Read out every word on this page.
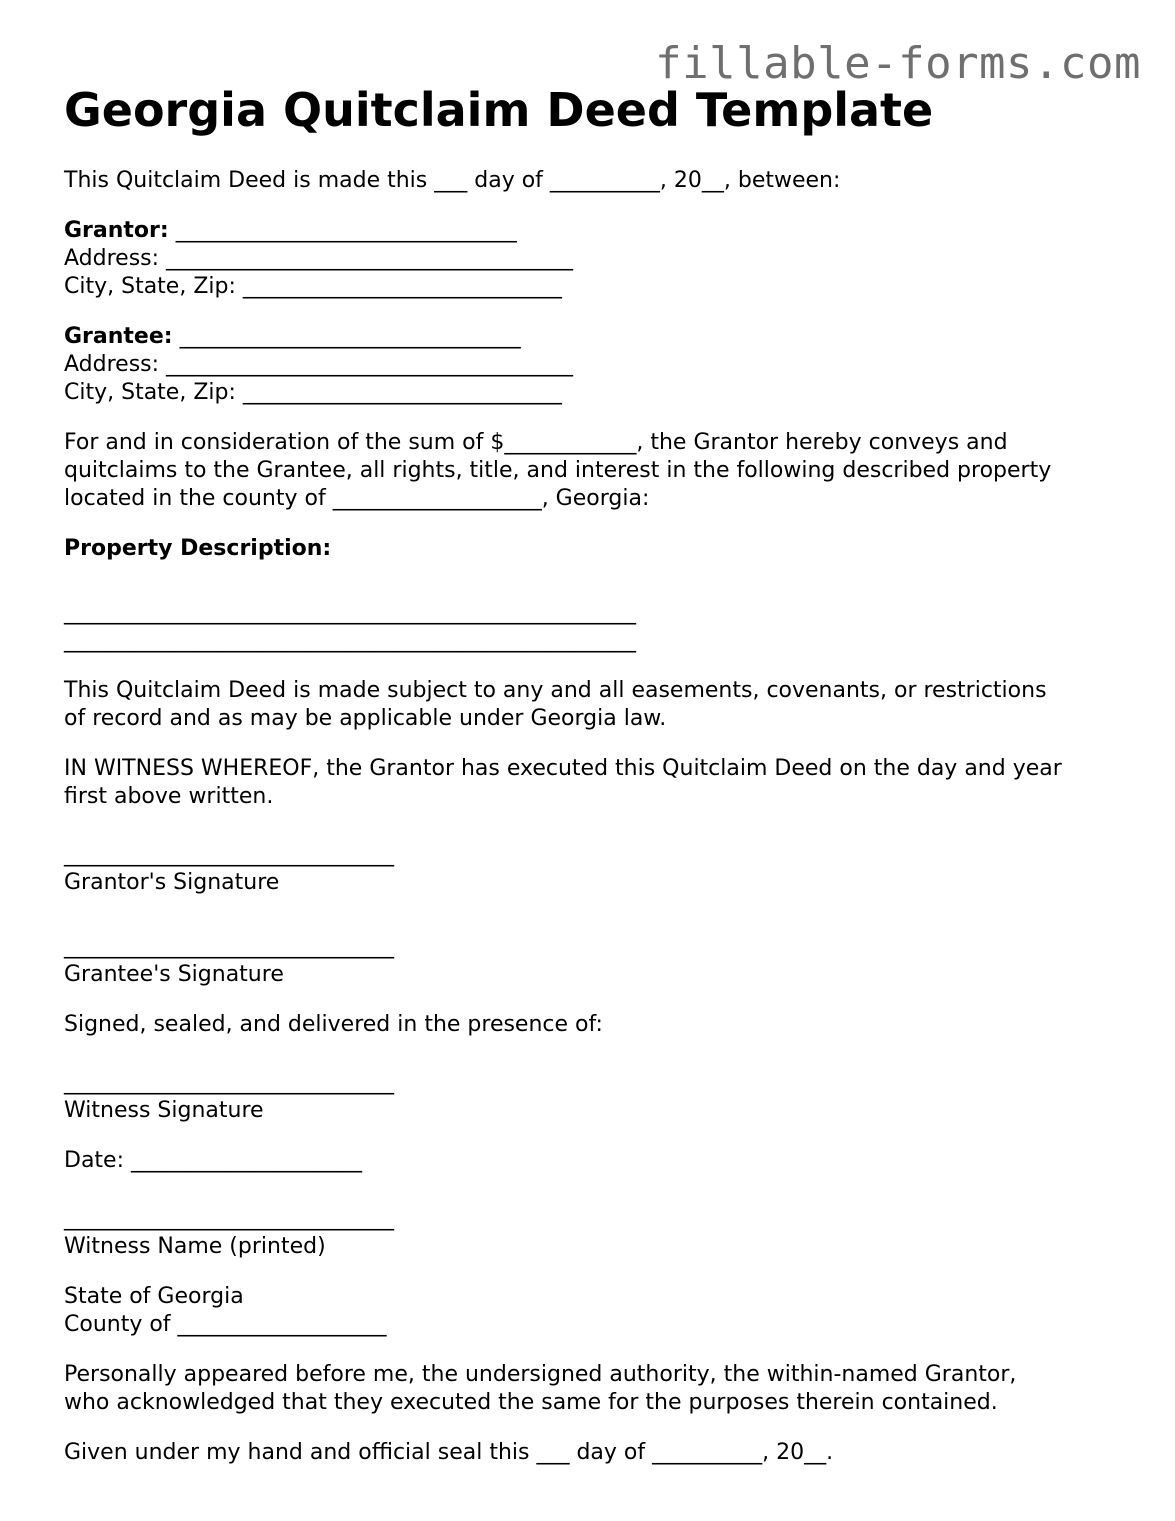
fillable-forms.com
Georgia Quitclaim Deed Template

This Quitclaim Deed is made this ___ day of __________, 20__, between:

Grantor: _______________________________
Address: _____________________________________
City, State, Zip: _____________________________

Grantee: _______________________________
Address: _____________________________________
City, State, Zip: _____________________________

For and in consideration of the sum of $____________, the Grantor hereby conveys and
quitclaims to the Grantee, all rights, title, and interest in the following described property
located in the county of ___________________, Georgia:

Property Description:

____________________________________________________
____________________________________________________

This Quitclaim Deed is made subject to any and all easements, covenants, or restrictions
of record and as may be applicable under Georgia law.

IN WITNESS WHEREOF, the Grantor has executed this Quitclaim Deed on the day and year
first above written.

______________________________
Grantor's Signature
______________________________
Grantee's Signature

Signed, sealed, and delivered in the presence of:

______________________________
Witness Signature

Date: _____________________

______________________________
Witness Name (printed)

State of Georgia
County of ___________________

Personally appeared before me, the undersigned authority, the within-named Grantor,
who acknowledged that they executed the same for the purposes therein contained.

Given under my hand and official seal this ___ day of __________, 20__.
